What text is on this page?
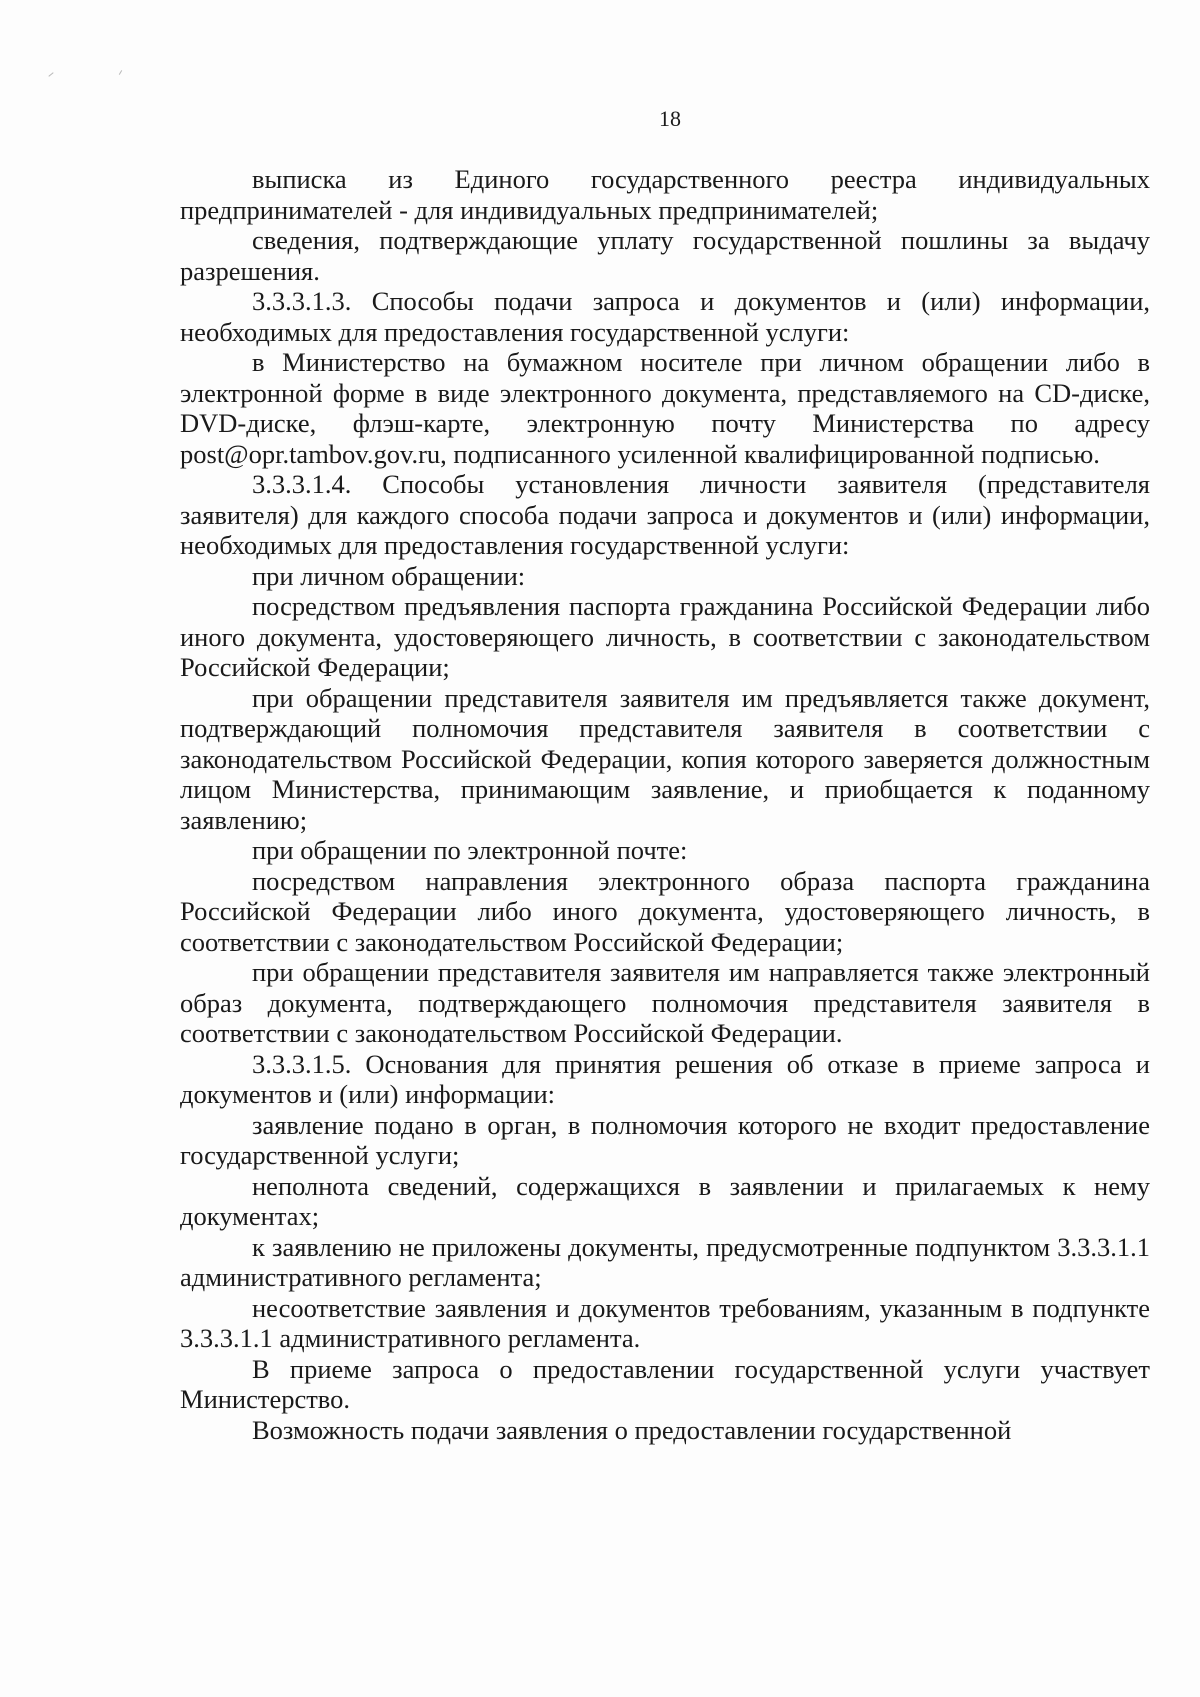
18

выписка из Единого государственного реестра индивидуальных предпринимателей - для индивидуальных предпринимателей;

сведения, подтверждающие уплату государственной пошлины за выдачу разрешения.

3.3.3.1.3. Способы подачи запроса и документов и (или) информации, необходимых для предоставления государственной услуги:

в Министерство на бумажном носителе при личном обращении либо в электронной форме в виде электронного документа, представляемого на CD-диске, DVD-диске, флэш-карте, электронную почту Министерства по адресу post@opr.tambov.gov.ru, подписанного усиленной квалифицированной подписью.

3.3.3.1.4. Способы установления личности заявителя (представителя заявителя) для каждого способа подачи запроса и документов и (или) информации, необходимых для предоставления государственной услуги:

при личном обращении:

посредством предъявления паспорта гражданина Российской Федерации либо иного документа, удостоверяющего личность, в соответствии с законодательством Российской Федерации;

при обращении представителя заявителя им предъявляется также документ, подтверждающий полномочия представителя заявителя в соответствии с законодательством Российской Федерации, копия которого заверяется должностным лицом Министерства, принимающим заявление, и приобщается к поданному заявлению;

при обращении по электронной почте:

посредством направления электронного образа паспорта гражданина Российской Федерации либо иного документа, удостоверяющего личность, в соответствии с законодательством Российской Федерации;

при обращении представителя заявителя им направляется также электронный образ документа, подтверждающего полномочия представителя заявителя в соответствии с законодательством Российской Федерации.

3.3.3.1.5. Основания для принятия решения об отказе в приеме запроса и документов и (или) информации:

заявление подано в орган, в полномочия которого не входит предоставление государственной услуги;

неполнота сведений, содержащихся в заявлении и прилагаемых к нему документах;

к заявлению не приложены документы, предусмотренные подпунктом 3.3.3.1.1 административного регламента;

несоответствие заявления и документов требованиям, указанным в подпункте 3.3.3.1.1 административного регламента.

В приеме запроса о предоставлении государственной услуги участвует Министерство.

Возможность подачи заявления о предоставлении государственной
